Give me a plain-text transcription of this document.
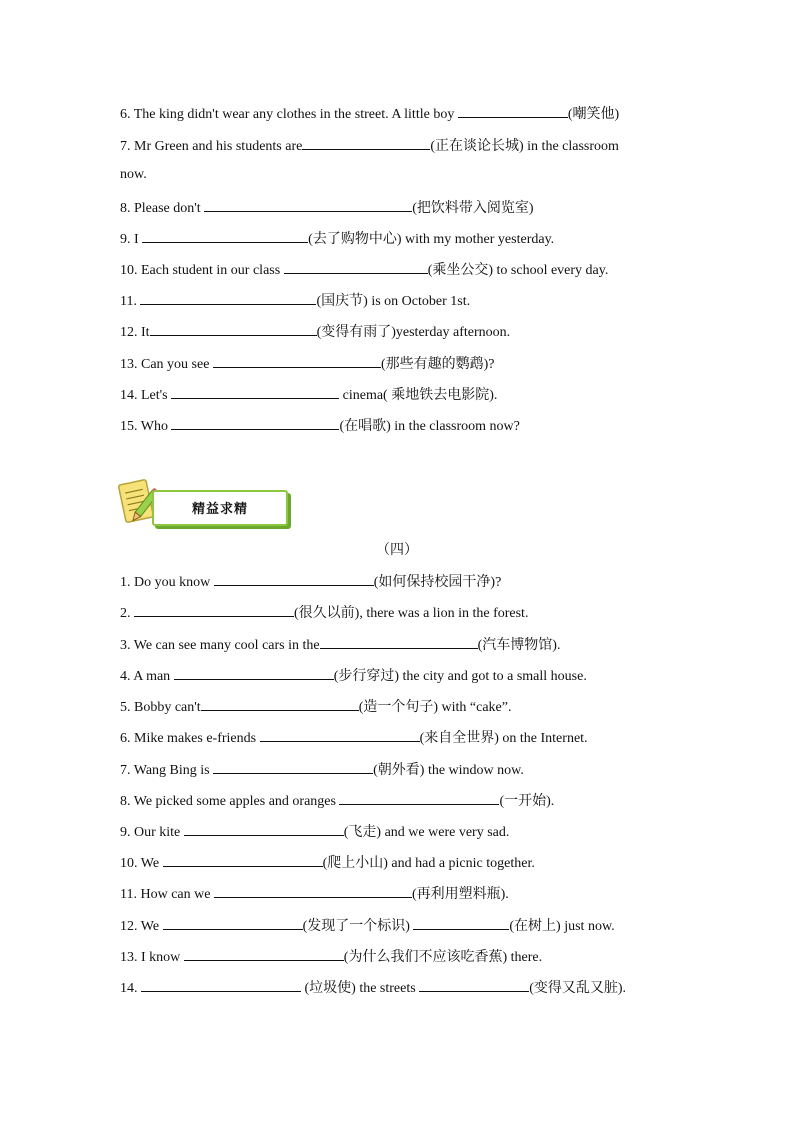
6. The king didn't wear any clothes in the street. A little boy	(嘲笑他)
7. Mr Green and his students are	(正在谈论长城) in the classroom
now.
8. Please don't	(把饮料带入阅览室)
9. I	(去了购物中心) with my mother yesterday.
10. Each student in our class	(乘坐公交) to school every day.
11.	(国庆节) is on October 1st.
12. It	(变得有雨了)yesterday afternoon.
13. Can you see	(那些有趣的鹦鹉)?
14. Let's	cinema( 乘地铁去电影院).
15. Who	(在唱歌) in the classroom now?
精益求精
（四）
1. Do you know	(如何保持校园干净)?
2.	(很久以前), there was a lion in the forest.
3. We can see many cool cars in the	(汽车博物馆).
4. A man	(步行穿过) the city and got to a small house.
5. Bobby can't	(造一个句子) with “cake”.
6. Mike makes e-friends	(来自全世界) on the Internet.
7. Wang Bing is	(朝外看) the window now.
8. We picked some apples and oranges	(一开始).
9. Our kite	(飞走) and we were very sad.
10. We	(爬上小山) and had a picnic together.
11. How can we	(再利用塑料瓶).
12. We	(发现了一个标识)	(在树上) just now.
13. I know	(为什么我们不应该吃香蕉) there.
14.	(垃圾使) the streets	(变得又乱又脏).
